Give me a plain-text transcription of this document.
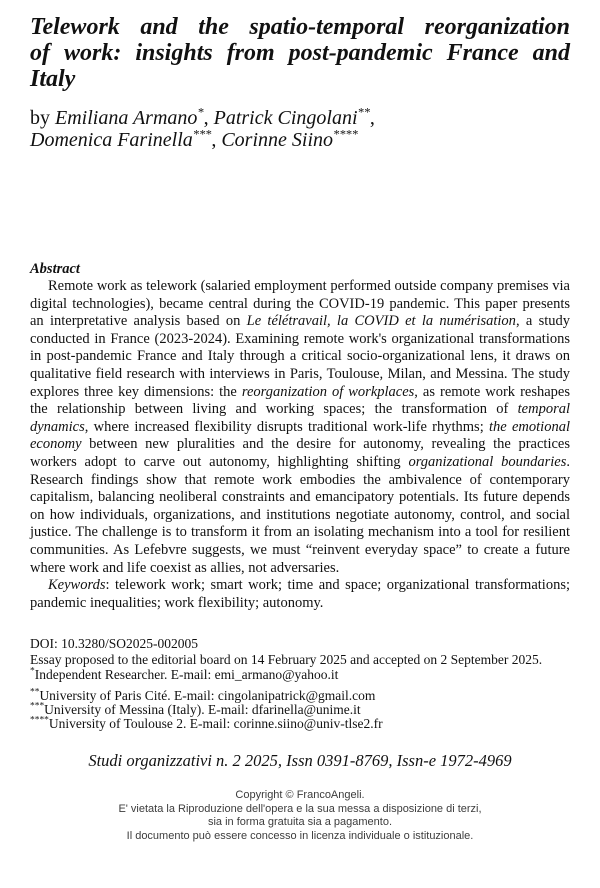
Telework and the spatio-temporal reorganization
of work: insights from post-pandemic France and
Italy
by Emiliana Armano*, Patrick Cingolani**,
Domenica Farinella***, Corinne Siino****
Abstract

Remote work as telework (salaried employment performed outside company premises via digital technologies), became central during the COVID-19 pandemic. This paper presents an interpretative analysis based on Le télétravail, la COVID et la numérisation, a study conducted in France (2023-2024). Examining remote work's organizational transformations in post-pandemic France and Italy through a critical socio-organizational lens, it draws on qualitative field research with interviews in Paris, Toulouse, Milan, and Messina. The study explores three key dimensions: the reorganization of workplaces, as remote work reshapes the relationship between living and working spaces; the transformation of temporal dynamics, where increased flexibility disrupts traditional work-life rhythms; the emotional economy between new pluralities and the desire for autonomy, revealing the practices workers adopt to carve out autonomy, highlighting shifting organizational boundaries. Research findings show that remote work embodies the ambivalence of contemporary capitalism, balancing neoliberal constraints and emancipatory potentials. Its future depends on how individuals, organizations, and institutions negotiate autonomy, control, and social justice. The challenge is to transform it from an isolating mechanism into a tool for resilient communities. As Lefebvre suggests, we must “reinvent everyday space” to create a future where work and life coexist as allies, not adversaries.

Keywords: telework work; smart work; time and space; organizational transformations; pandemic inequalities; work flexibility; autonomy.

DOI: 10.3280/SO2025-002005
Essay proposed to the editorial board on 14 February 2025 and accepted on 2 September 2025.
*Independent Researcher. E-mail: emi_armano@yahoo.it
**University of Paris Cité. E-mail: cingolanipatrick@gmail.com
***University of Messina (Italy). E-mail: dfarinella@unime.it
****University of Toulouse 2. E-mail: corinne.siino@univ-tlse2.fr
Studi organizzativi n. 2 2025, Issn 0391-8769, Issn-e 1972-4969
Copyright © FrancoAngeli.
E' vietata la Riproduzione dell'opera e la sua messa a disposizione di terzi,
sia in forma gratuita sia a pagamento.
Il documento può essere concesso in licenza individuale o istituzionale.
